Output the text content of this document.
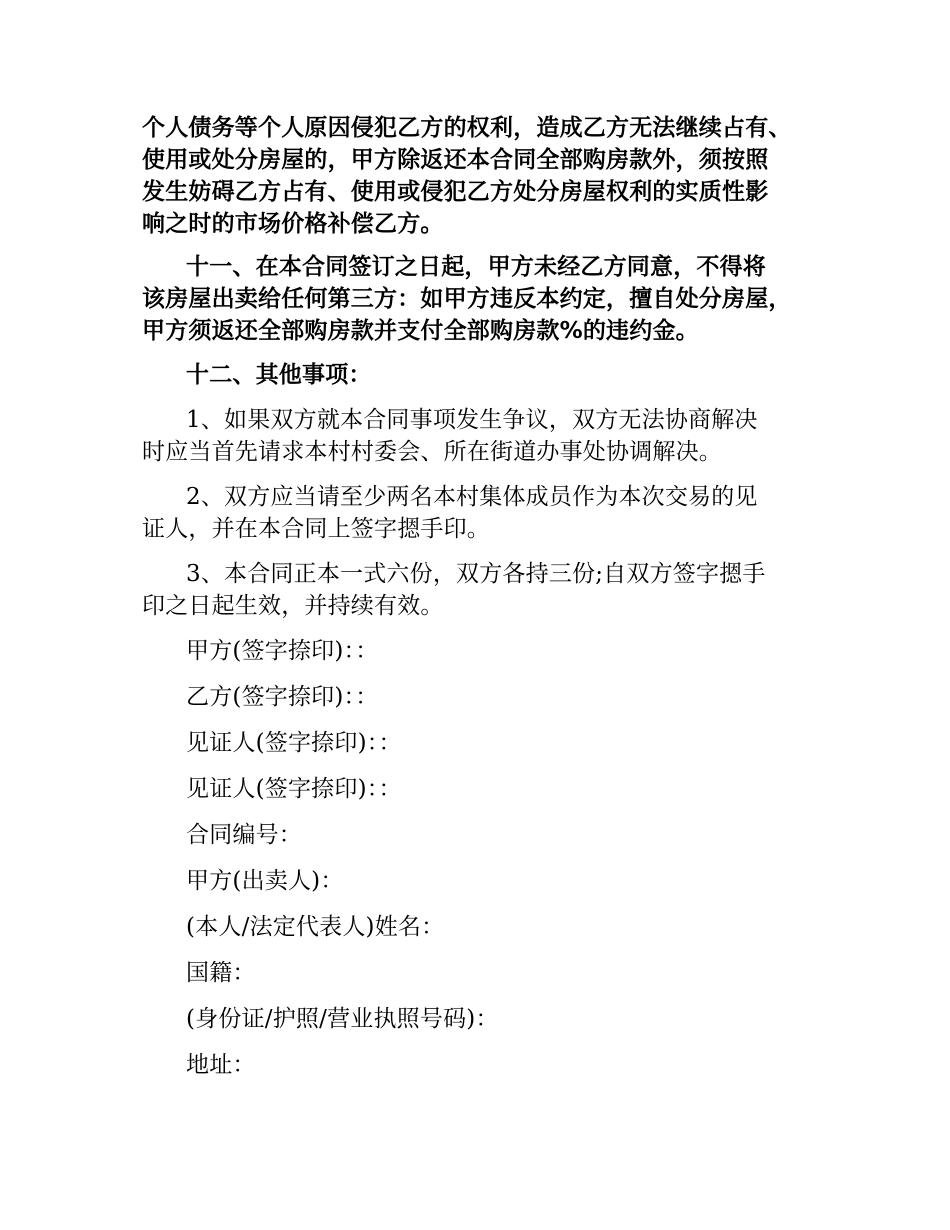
个人债务等个人原因侵犯乙方的权利，造成乙方无法继续占有、
使用或处分房屋的，甲方除返还本合同全部购房款外，须按照
发生妨碍乙方占有、使用或侵犯乙方处分房屋权利的实质性影
响之时的市场价格补偿乙方。
十一、在本合同签订之日起，甲方未经乙方同意，不得将
该房屋出卖给任何第三方：如甲方违反本约定，擅自处分房屋，
甲方须返还全部购房款并支付全部购房款%的违约金。
十二、其他事项：
1、如果双方就本合同事项发生争议，双方无法协商解决
时应当首先请求本村村委会、所在街道办事处协调解决。
2、双方应当请至少两名本村集体成员作为本次交易的见
证人，并在本合同上签字摁手印。
3、本合同正本一式六份，双方各持三份;自双方签字摁手
印之日起生效，并持续有效。
甲方(签字捺印)：：
乙方(签字捺印)：：
见证人(签字捺印)：：
见证人(签字捺印)：：
合同编号：
甲方(出卖人)：
(本人/法定代表人)姓名：
国籍：
(身份证/护照/营业执照号码)：
地址：
